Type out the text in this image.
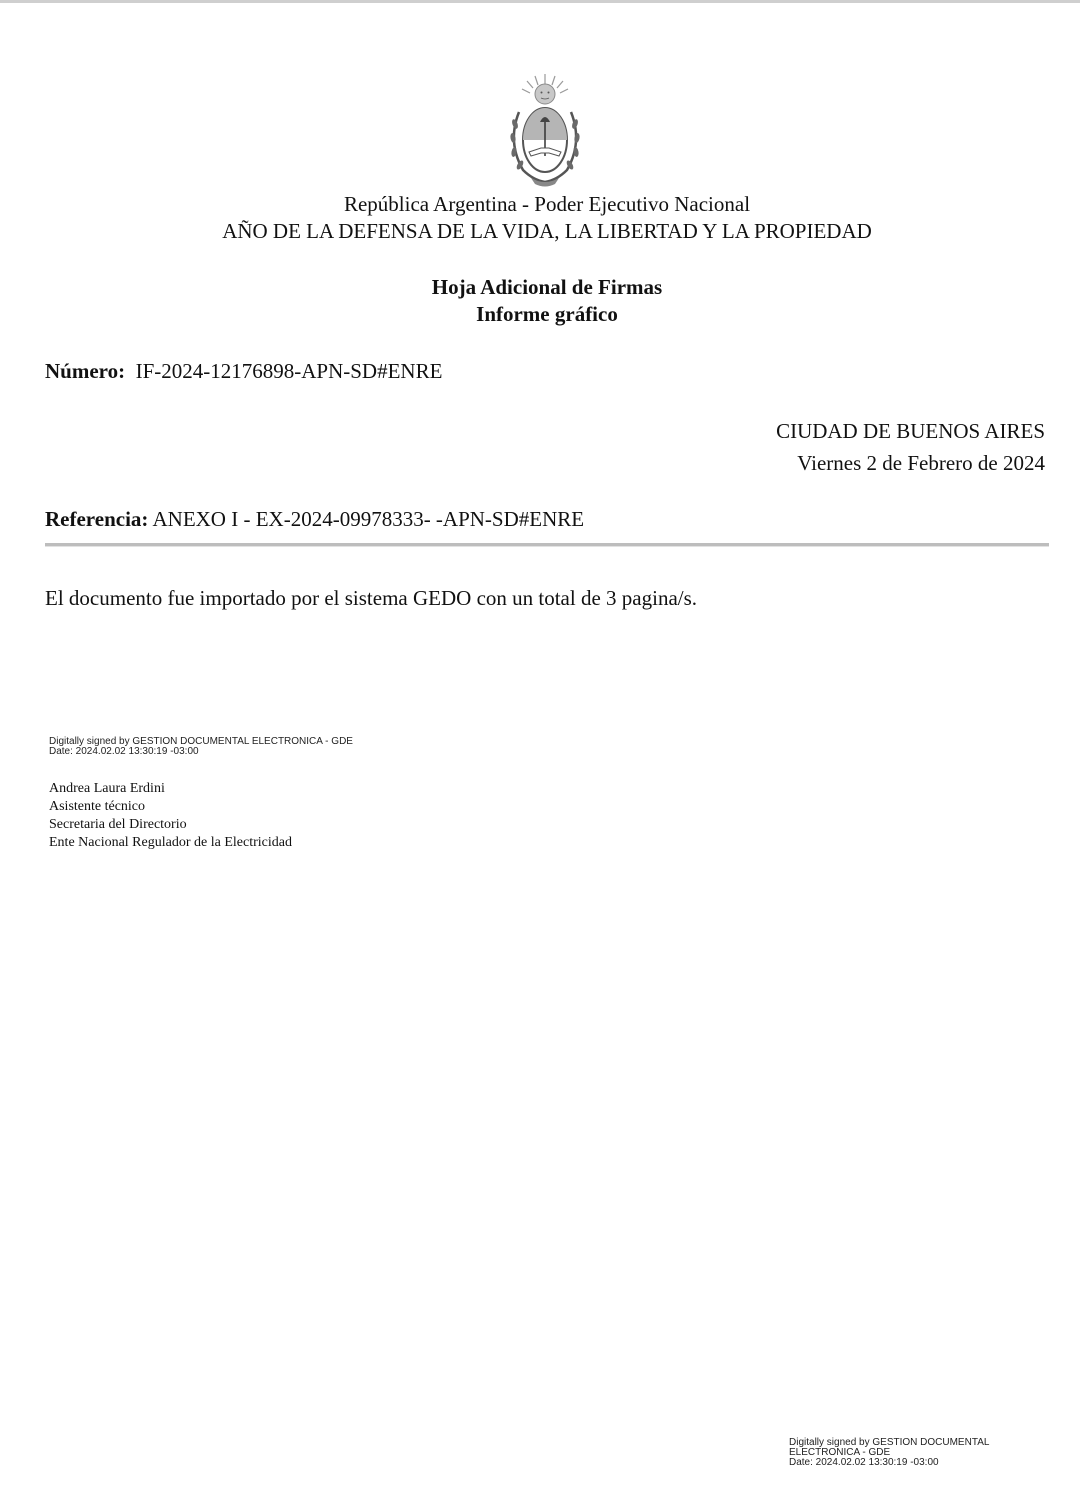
República Argentina - Poder Ejecutivo Nacional
AÑO DE LA DEFENSA DE LA VIDA, LA LIBERTAD Y LA PROPIEDAD
Hoja Adicional de Firmas
Informe gráfico
Número: IF-2024-12176898-APN-SD#ENRE
CIUDAD DE BUENOS AIRES
Viernes 2 de Febrero de 2024
Referencia: ANEXO I - EX-2024-09978333- -APN-SD#ENRE
El documento fue importado por el sistema GEDO con un total de 3 pagina/s.
Digitally signed by GESTION DOCUMENTAL ELECTRONICA - GDE
Date: 2024.02.02 13:30:19 -03:00
Andrea Laura Erdini
Asistente técnico
Secretaria del Directorio
Ente Nacional Regulador de la Electricidad
Digitally signed by GESTION DOCUMENTAL
ELECTRONICA - GDE
Date: 2024.02.02 13:30:19 -03:00
